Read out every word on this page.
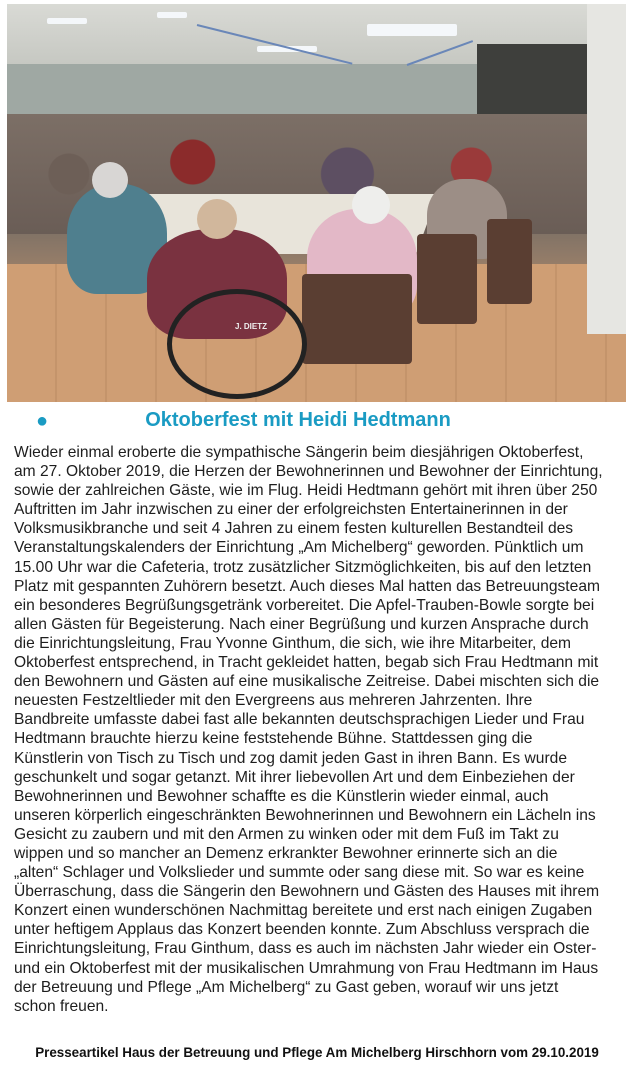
J. DIETZ
●	Oktoberfest mit Heidi Hedtmann

Wieder einmal eroberte die sympathische Sängerin beim diesjährigen Oktoberfest,
am 27. Oktober 2019, die Herzen der Bewohnerinnen und Bewohner der Einrichtung,
sowie der zahlreichen Gäste, wie im Flug. Heidi Hedtmann gehört mit ihren über 250
Auftritten im Jahr inzwischen zu einer der erfolgreichsten Entertainerinnen in der
Volksmusikbranche und seit 4 Jahren zu einem festen kulturellen Bestandteil des
Veranstaltungskalenders der Einrichtung „Am Michelberg“ geworden. Pünktlich um
15.00 Uhr war die Cafeteria, trotz zusätzlicher Sitzmöglichkeiten, bis auf den letzten
Platz mit gespannten Zuhörern besetzt. Auch dieses Mal hatten das Betreuungsteam
ein besonderes Begrüßungsgetränk vorbereitet. Die Apfel-Trauben-Bowle sorgte bei
allen Gästen für Begeisterung. Nach einer Begrüßung und kurzen Ansprache durch
die Einrichtungsleitung, Frau Yvonne Ginthum, die sich, wie ihre Mitarbeiter, dem
Oktoberfest entsprechend, in Tracht gekleidet hatten, begab sich Frau Hedtmann mit
den Bewohnern und Gästen auf eine musikalische Zeitreise. Dabei mischten sich die
neuesten Festzeltlieder mit den Evergreens aus mehreren Jahrzenten. Ihre
Bandbreite umfasste dabei fast alle bekannten deutschsprachigen Lieder und Frau
Hedtmann brauchte hierzu keine feststehende Bühne. Stattdessen ging die
Künstlerin von Tisch zu Tisch und zog damit jeden Gast in ihren Bann. Es wurde
geschunkelt und sogar getanzt. Mit ihrer liebevollen Art und dem Einbeziehen der
Bewohnerinnen und Bewohner schaffte es die Künstlerin wieder einmal, auch
unseren körperlich eingeschränkten Bewohnerinnen und Bewohnern ein Lächeln ins
Gesicht zu zaubern und mit den Armen zu winken oder mit dem Fuß im Takt zu
wippen und so mancher an Demenz erkrankter Bewohner erinnerte sich an die
„alten“ Schlager und Volkslieder und summte oder sang diese mit. So war es keine
Überraschung, dass die Sängerin den Bewohnern und Gästen des Hauses mit ihrem
Konzert einen wunderschönen Nachmittag bereitete und erst nach einigen Zugaben
unter heftigem Applaus das Konzert beenden konnte. Zum Abschluss versprach die
Einrichtungsleitung, Frau Ginthum, dass es auch im nächsten Jahr wieder ein Oster-
und ein Oktoberfest mit der musikalischen Umrahmung von Frau Hedtmann im Haus
der Betreuung und Pflege „Am Michelberg“ zu Gast geben, worauf wir uns jetzt
schon freuen.

Presseartikel Haus der Betreuung und Pflege Am Michelberg Hirschhorn vom 29.10.2019
